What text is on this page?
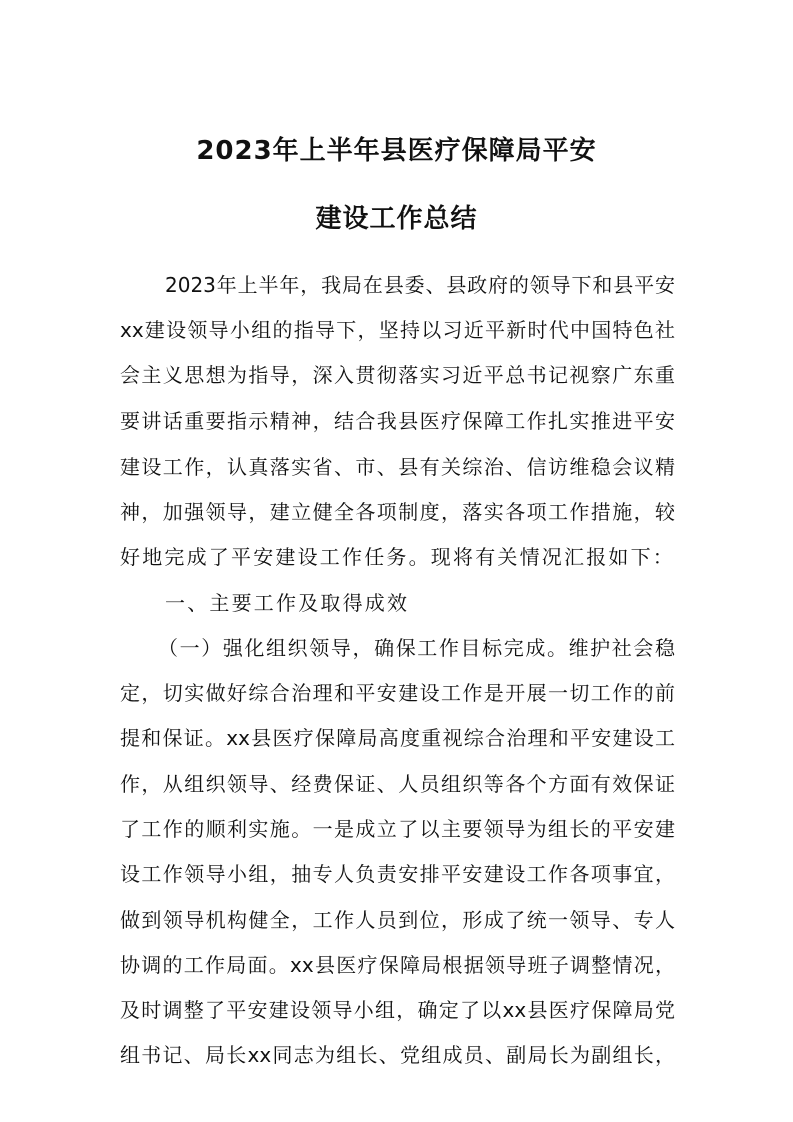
2023年上半年县医疗保障局平安
建设工作总结
2023年上半年，我局在县委、县政府的领导下和县平安
xx建设领导小组的指导下，坚持以习近平新时代中国特色社
会主义思想为指导，深入贯彻落实习近平总书记视察广东重
要讲话重要指示精神，结合我县医疗保障工作扎实推进平安
建设工作，认真落实省、市、县有关综治、信访维稳会议精
神，加强领导，建立健全各项制度，落实各项工作措施，较
好地完成了平安建设工作任务。现将有关情况汇报如下：
一、主要工作及取得成效
（一）强化组织领导，确保工作目标完成。维护社会稳
定，切实做好综合治理和平安建设工作是开展一切工作的前
提和保证。xx县医疗保障局高度重视综合治理和平安建设工
作，从组织领导、经费保证、人员组织等各个方面有效保证
了工作的顺利实施。一是成立了以主要领导为组长的平安建
设工作领导小组，抽专人负责安排平安建设工作各项事宜，
做到领导机构健全，工作人员到位，形成了统一领导、专人
协调的工作局面。xx县医疗保障局根据领导班子调整情况，
及时调整了平安建设领导小组，确定了以xx县医疗保障局党
组书记、局长xx同志为组长、党组成员、副局长为副组长，
